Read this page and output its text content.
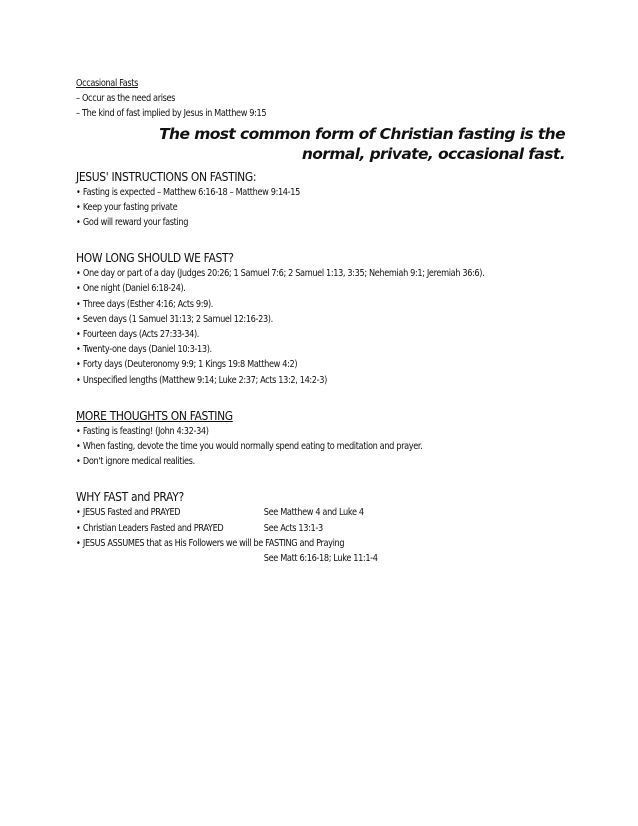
Occasional Fasts
– Occur as the need arises
– The kind of fast implied by Jesus in Matthew 9:15
The most common form of Christian fasting is the
normal, private, occasional fast.
JESUS' INSTRUCTIONS ON FASTING:
• Fasting is expected – Matthew 6:16-18 – Matthew 9:14-15
• Keep your fasting private
• God will reward your fasting
HOW LONG SHOULD WE FAST?
• One day or part of a day (Judges 20:26; 1 Samuel 7:6; 2 Samuel 1:13, 3:35; Nehemiah 9:1; Jeremiah 36:6).
• One night (Daniel 6:18-24).
• Three days (Esther 4:16; Acts 9:9).
• Seven days (1 Samuel 31:13; 2 Samuel 12:16-23).
• Fourteen days (Acts 27:33-34).
• Twenty-one days (Daniel 10:3-13).
• Forty days (Deuteronomy 9:9; 1 Kings 19:8 Matthew 4:2)
• Unspecified lengths (Matthew 9:14; Luke 2:37; Acts 13:2, 14:2-3)
MORE THOUGHTS ON FASTING
• Fasting is feasting! (John 4:32-34)
• When fasting, devote the time you would normally spend eating to meditation and prayer.
• Don't ignore medical realities.
WHY FAST and PRAY?
• JESUS Fasted and PRAYED	See Matthew 4 and Luke 4
• Christian Leaders Fasted and PRAYED	See Acts 13:1-3
• JESUS ASSUMES that as His Followers we will be FASTING and Praying
See Matt 6:16-18; Luke 11:1-4
